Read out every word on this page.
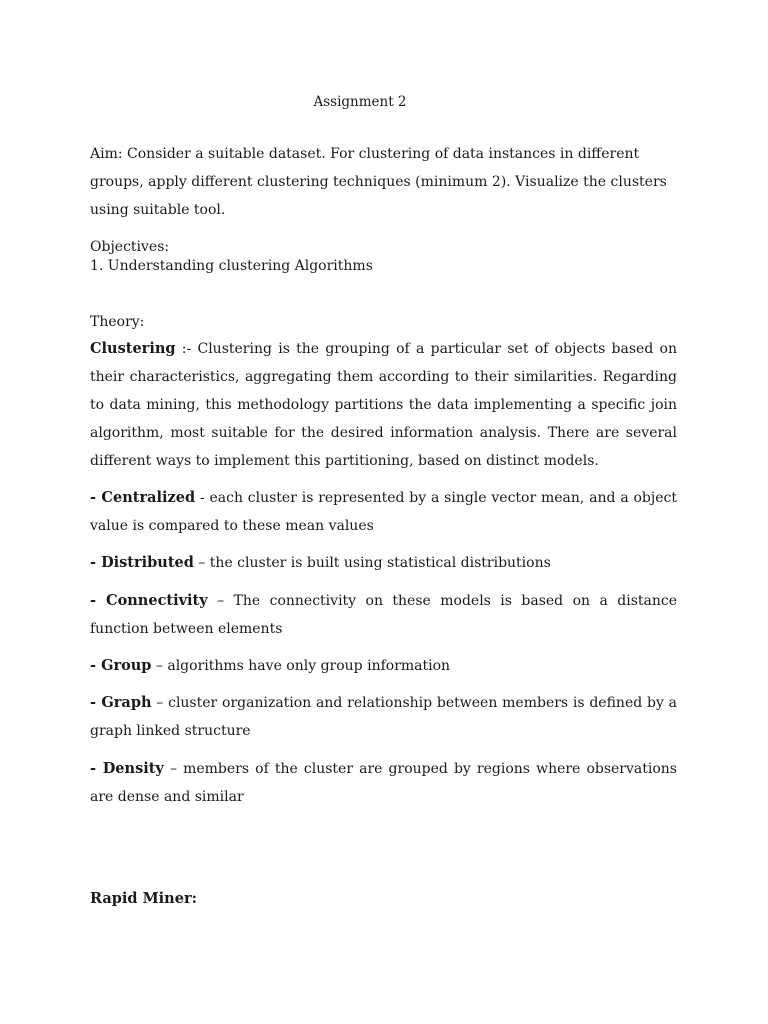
Assignment 2

Aim: Consider a suitable dataset. For clustering of data instances in different groups, apply different clustering techniques (minimum 2). Visualize the clusters using suitable tool.

Objectives:
1. Understanding clustering Algorithms
Theory:

Clustering :- Clustering is the grouping of a particular set of objects based on their characteristics, aggregating them according to their similarities. Regarding to data mining, this methodology partitions the data implementing a specific join algorithm, most suitable for the desired information analysis. There are several different ways to implement this partitioning, based on distinct models.

- Centralized - each cluster is represented by a single vector mean, and a object value is compared to these mean values

- Distributed – the cluster is built using statistical distributions

- Connectivity – The connectivity on these models is based on a distance function between elements

- Group – algorithms have only group information

- Graph – cluster organization and relationship between members is defined by a graph linked structure

- Density – members of the cluster are grouped by regions where observations are dense and similar

Rapid Miner:
